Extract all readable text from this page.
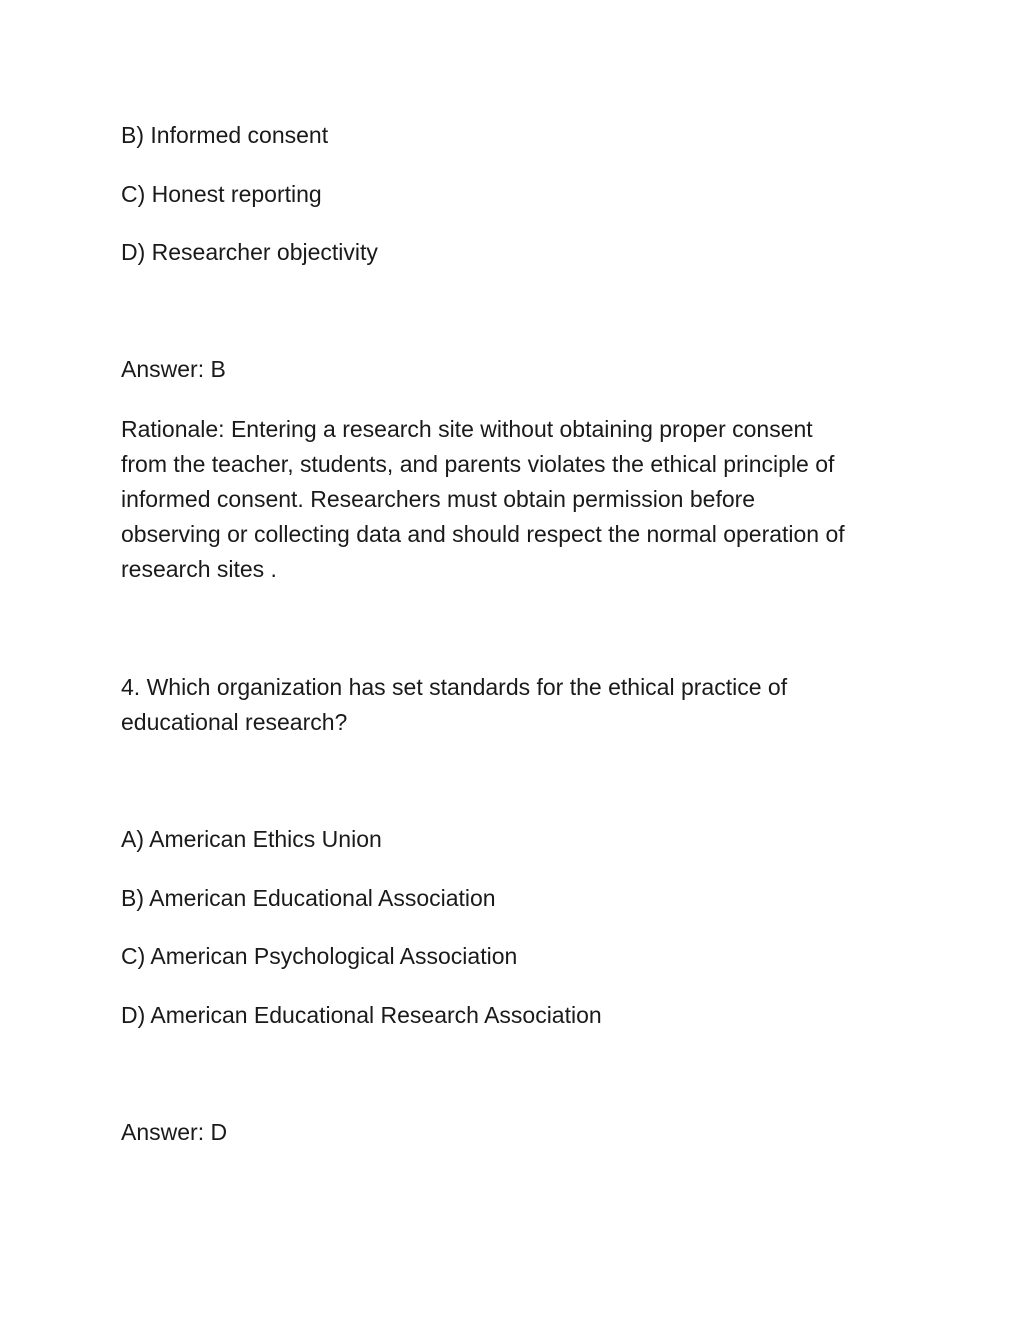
B) Informed consent

C) Honest reporting

D) Researcher objectivity

Answer: B

Rationale: Entering a research site without obtaining proper consent

from the teacher, students, and parents violates the ethical principle of

informed consent. Researchers must obtain permission before

observing or collecting data and should respect the normal operation of

research sites .

4. Which organization has set standards for the ethical practice of

educational research?

A) American Ethics Union

B) American Educational Association

C) American Psychological Association

D) American Educational Research Association

Answer: D
